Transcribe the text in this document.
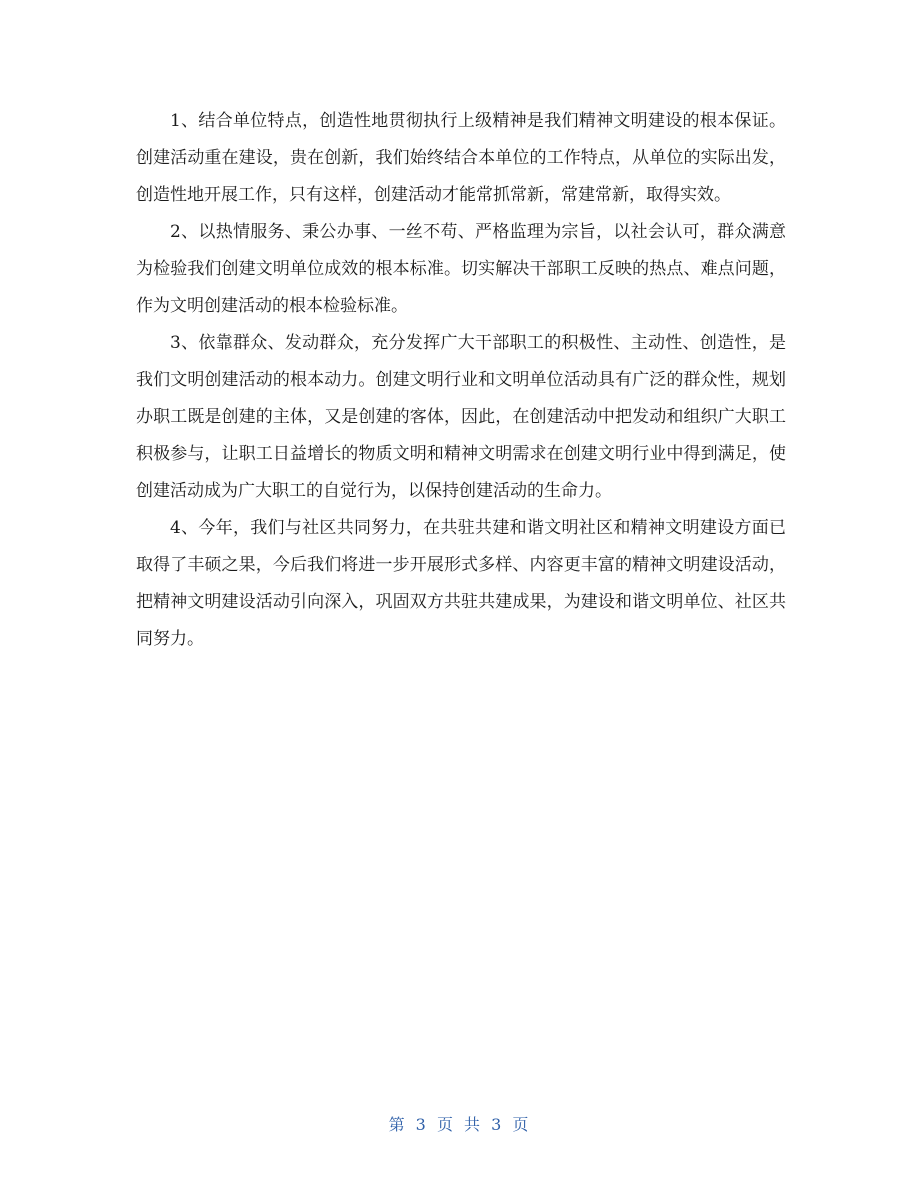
1、结合单位特点，创造性地贯彻执行上级精神是我们精神文明建设的根本保证。创建活动重在建设，贵在创新，我们始终结合本单位的工作特点，从单位的实际出发，创造性地开展工作，只有这样，创建活动才能常抓常新，常建常新，取得实效。

2、以热情服务、秉公办事、一丝不苟、严格监理为宗旨，以社会认可，群众满意为检验我们创建文明单位成效的根本标准。切实解决干部职工反映的热点、难点问题，作为文明创建活动的根本检验标准。

3、依靠群众、发动群众，充分发挥广大干部职工的积极性、主动性、创造性，是我们文明创建活动的根本动力。创建文明行业和文明单位活动具有广泛的群众性，规划办职工既是创建的主体，又是创建的客体，因此，在创建活动中把发动和组织广大职工积极参与，让职工日益增长的物质文明和精神文明需求在创建文明行业中得到满足，使创建活动成为广大职工的自觉行为，以保持创建活动的生命力。

4、今年，我们与社区共同努力，在共驻共建和谐文明社区和精神文明建设方面已取得了丰硕之果，今后我们将进一步开展形式多样、内容更丰富的精神文明建设活动，把精神文明建设活动引向深入，巩固双方共驻共建成果，为建设和谐文明单位、社区共同努力。

第 3 页 共 3 页
